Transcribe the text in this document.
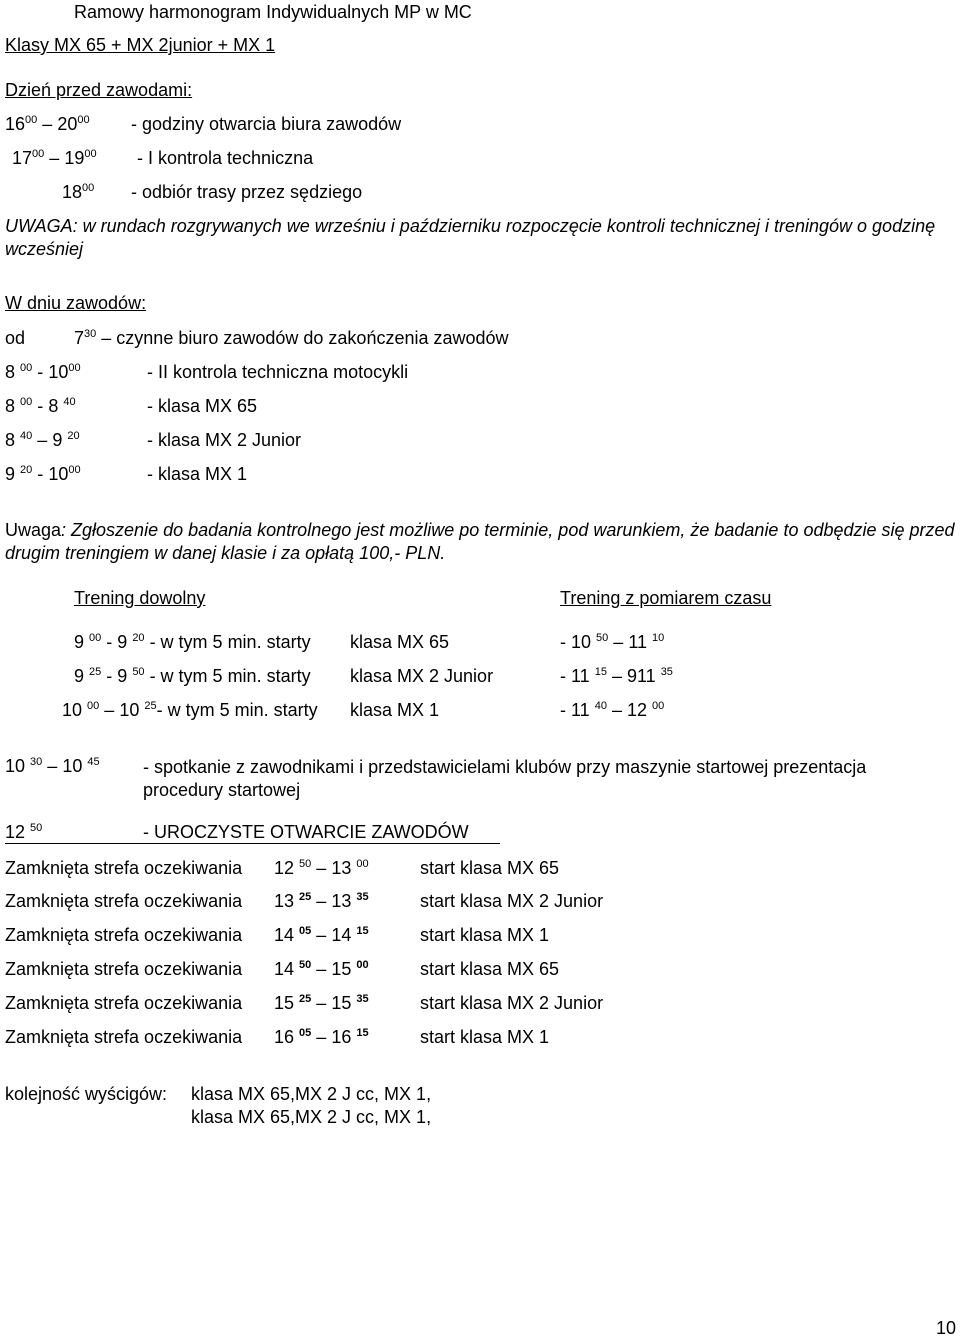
Ramowy harmonogram Indywidualnych MP w MC
Klasy MX 65 + MX 2junior + MX 1
Dzień przed zawodami:
$16^{00} - 20^{00}$ - godziny otwarcia biura zawodów
$17^{00} - 19^{00}$ - I kontrola techniczna
$18^{00}$ - odbiór trasy przez sędziego
UWAGA: w rundach rozgrywanych we wrześniu i październiku rozpoczęcie kontroli technicznej i treningów o godzinę wcześniej
W dniu zawodów:
od	$7^{30}$ – czynne biuro zawodów do zakończenia zawodów
8 $^{00} - 10^{00}$	- II kontrola techniczna motocykli
8 $^{00}$ - 8 $^{40}$	- klasa MX 65
8 $^{40}$ – 9 $^{20}$	- klasa MX 2 Junior
9 $^{20} - 10^{00}$	- klasa MX 1
Uwaga: Zgłoszenie do badania kontrolnego jest możliwe po terminie, pod warunkiem, że badanie to odbędzie się przed drugim treningiem w danej klasie i za opłatą 100,- PLN.
Trening dowolny	Trening z pomiarem czasu
9 $^{00}$ - 9 $^{20}$ - w tym 5 min. starty klasa MX 65	- 10 $^{50}$ – 11 $^{10}$
9 $^{25}$ - 9 $^{50}$ - w tym 5 min. starty klasa MX 2 Junior	- 11 $^{15}$ – 911 $^{35}$
10 $^{00}$ – 10 $^{25}$- w tym 5 min. starty klasa MX 1	- 11 $^{40}$ – 12 $^{00}$
10 $^{30}$ – 10 $^{45}$ - spotkanie z zawodnikami i przedstawicielami klubów przy maszynie startowej prezentacja procedury startowej
12 $^{50}$	- UROCZYSTE OTWARCIE ZAWODÓW
Zamknięta strefa oczekiwania 12 $^{50}$ – 13 $^{00}$	start klasa MX 65
Zamknięta strefa oczekiwania 13 $^{25}$ – 13 $^{35}$	start klasa MX 2 Junior
Zamknięta strefa oczekiwania 14 $^{05}$ – 14 $^{15}$	start klasa MX 1
Zamknięta strefa oczekiwania 14 $^{50}$ – 15 $^{00}$	start klasa MX 65
Zamknięta strefa oczekiwania 15 $^{25}$ – 15 $^{35}$	start klasa MX 2 Junior
Zamknięta strefa oczekiwania 16 $^{05}$ – 16 $^{15}$	start klasa MX 1
kolejność wyścigów: klasa MX 65,MX 2 J cc, MX 1,
klasa MX 65,MX 2 J cc, MX 1,
10
